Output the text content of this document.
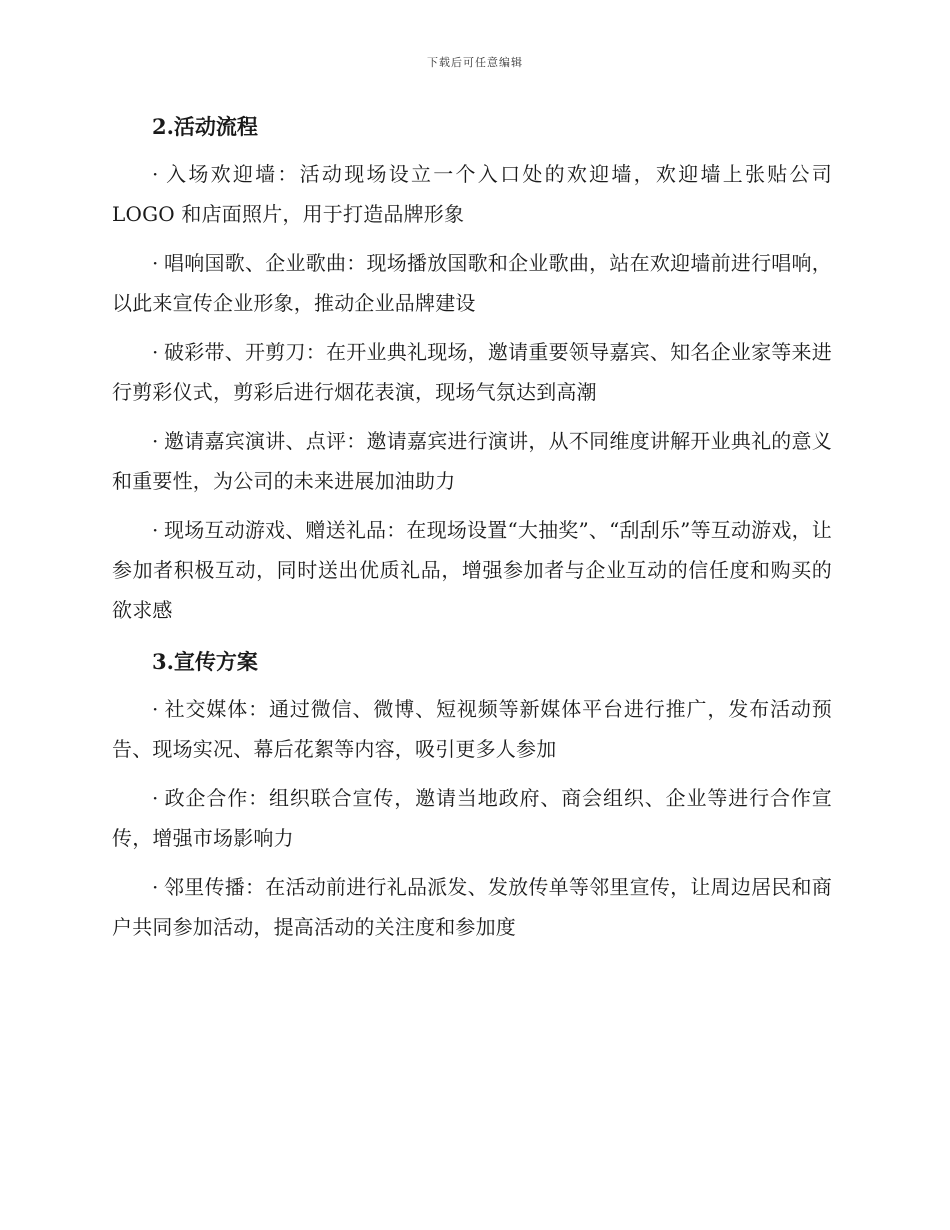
下载后可任意编辑
2.活动流程

· 入场欢迎墙：活动现场设立一个入口处的欢迎墙，欢迎墙上张贴公司LOGO 和店面照片，用于打造品牌形象

· 唱响国歌、企业歌曲：现场播放国歌和企业歌曲，站在欢迎墙前进行唱响，以此来宣传企业形象，推动企业品牌建设

· 破彩带、开剪刀：在开业典礼现场，邀请重要领导嘉宾、知名企业家等来进行剪彩仪式，剪彩后进行烟花表演，现场气氛达到高潮

· 邀请嘉宾演讲、点评：邀请嘉宾进行演讲，从不同维度讲解开业典礼的意义和重要性，为公司的未来进展加油助力

· 现场互动游戏、赠送礼品：在现场设置“大抽奖”、“刮刮乐”等互动游戏，让参加者积极互动，同时送出优质礼品，增强参加者与企业互动的信任度和购买的欲求感

3.宣传方案

· 社交媒体：通过微信、微博、短视频等新媒体平台进行推广，发布活动预告、现场实况、幕后花絮等内容，吸引更多人参加

· 政企合作：组织联合宣传，邀请当地政府、商会组织、企业等进行合作宣传，增强市场影响力

· 邻里传播：在活动前进行礼品派发、发放传单等邻里宣传，让周边居民和商户共同参加活动，提高活动的关注度和参加度
